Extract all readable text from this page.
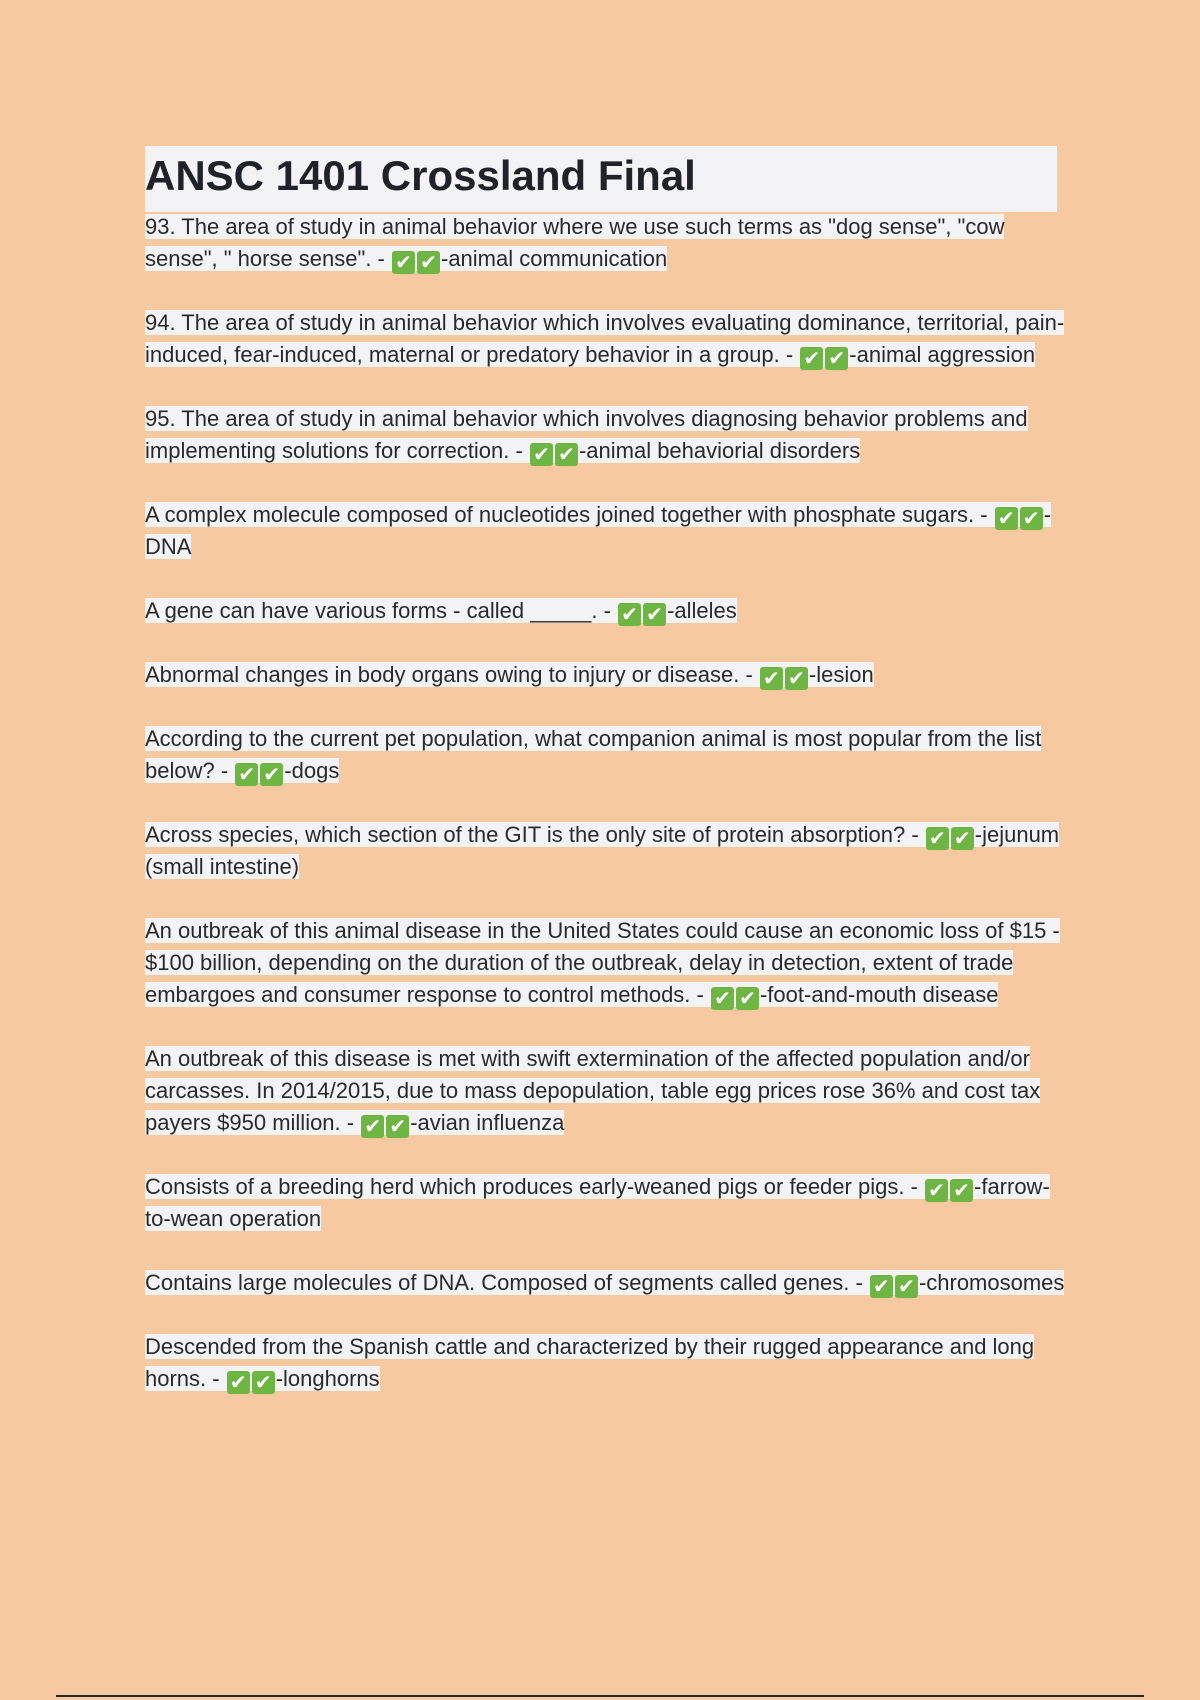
ANSC 1401 Crossland Final

93. The area of study in animal behavior where we use such terms as "dog sense", "cow sense", " horse sense". - ✔ ✔ -animal communication

94. The area of study in animal behavior which involves evaluating dominance, territorial, pain-induced, fear-induced, maternal or predatory behavior in a group. - ✔ ✔ -animal aggression

95. The area of study in animal behavior which involves diagnosing behavior problems and implementing solutions for correction. - ✔ ✔ -animal behaviorial disorders

A complex molecule composed of nucleotides joined together with phosphate sugars. - ✔ ✔ -DNA

A gene can have various forms - called _____. - ✔ ✔ -alleles

Abnormal changes in body organs owing to injury or disease. - ✔ ✔ -lesion

According to the current pet population, what companion animal is most popular from the list below? - ✔ ✔ -dogs

Across species, which section of the GIT is the only site of protein absorption? - ✔ ✔ -jejunum (small intestine)

An outbreak of this animal disease in the United States could cause an economic loss of $15 - $100 billion, depending on the duration of the outbreak, delay in detection, extent of trade embargoes and consumer response to control methods. - ✔ ✔ -foot-and-mouth disease

An outbreak of this disease is met with swift extermination of the affected population and/or carcasses. In 2014/2015, due to mass depopulation, table egg prices rose 36% and cost tax payers $950 million. - ✔ ✔ -avian influenza

Consists of a breeding herd which produces early-weaned pigs or feeder pigs. - ✔ ✔ -farrow-to-wean operation

Contains large molecules of DNA. Composed of segments called genes. - ✔ ✔ -chromosomes

Descended from the Spanish cattle and characterized by their rugged appearance and long horns. - ✔ ✔ -longhorns
